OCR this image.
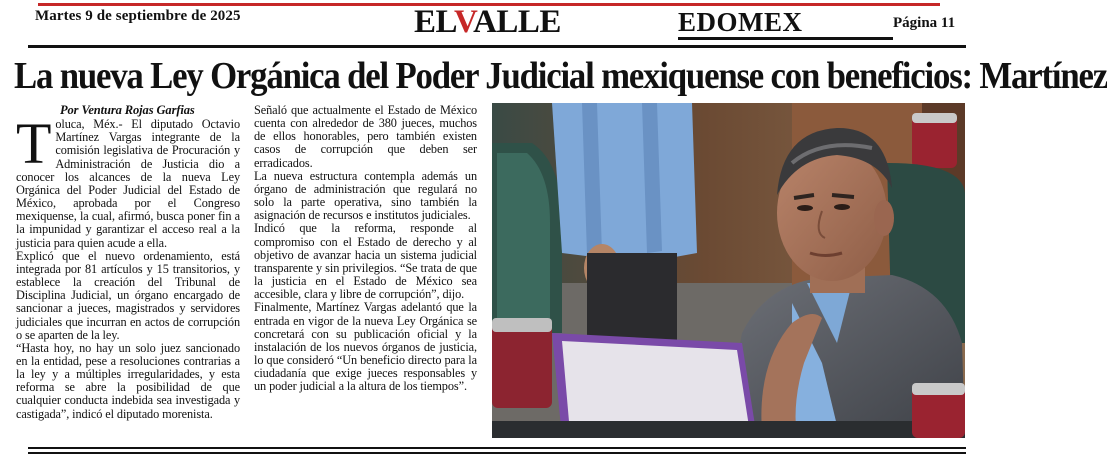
Martes 9 de septiembre de 2025	ELVALLE	EDOMEX	Página 11
La nueva Ley Orgánica del Poder Judicial mexiquense con beneficios: Martínez
Por Ventura Rojas Garfias

Toluca, Méx.- El diputado Octavio Martínez Vargas integrante de la comisión legislativa de Procuración y Administración de Justicia dio a conocer los alcances de la nueva Ley Orgánica del Poder Judicial del Estado de México, aprobada por el Congreso mexiquense, la cual, afirmó, busca poner fin a la impunidad y garantizar el acceso real a la justicia para quien acude a ella.

Explicó que el nuevo ordenamiento, está integrada por 81 artículos y 15 transitorios, y establece la creación del Tribunal de Disciplina Judicial, un órgano encargado de sancionar a jueces, magistrados y servidores judiciales que incurran en actos de corrupción o se aparten de la ley.

“Hasta hoy, no hay un solo juez sancionado en la entidad, pese a resoluciones contrarias a la ley y a múltiples irregularidades, y esta reforma se abre la posibilidad de que cualquier conducta indebida sea investigada y castigada”, indicó el diputado morenista.

Señaló que actualmente el Estado de México cuenta con alrededor de 380 jueces, muchos de ellos honorables, pero también existen casos de corrupción que deben ser erradicados.

La nueva estructura contempla además un órgano de administración que regulará no solo la parte operativa, sino también la asignación de recursos e institutos judiciales.

Indicó que la reforma, responde al compromiso con el Estado de derecho y al objetivo de avanzar hacia un sistema judicial transparente y sin privilegios. “Se trata de que la justicia en el Estado de México sea accesible, clara y libre de corrupción”, dijo.

Finalmente, Martínez Vargas adelantó que la entrada en vigor de la nueva Ley Orgánica se concretará con su publicación oficial y la instalación de los nuevos órganos de justicia, lo que consideró “Un beneficio directo para la ciudadanía que exige jueces responsables y un poder judicial a la altura de los tiempos”.
